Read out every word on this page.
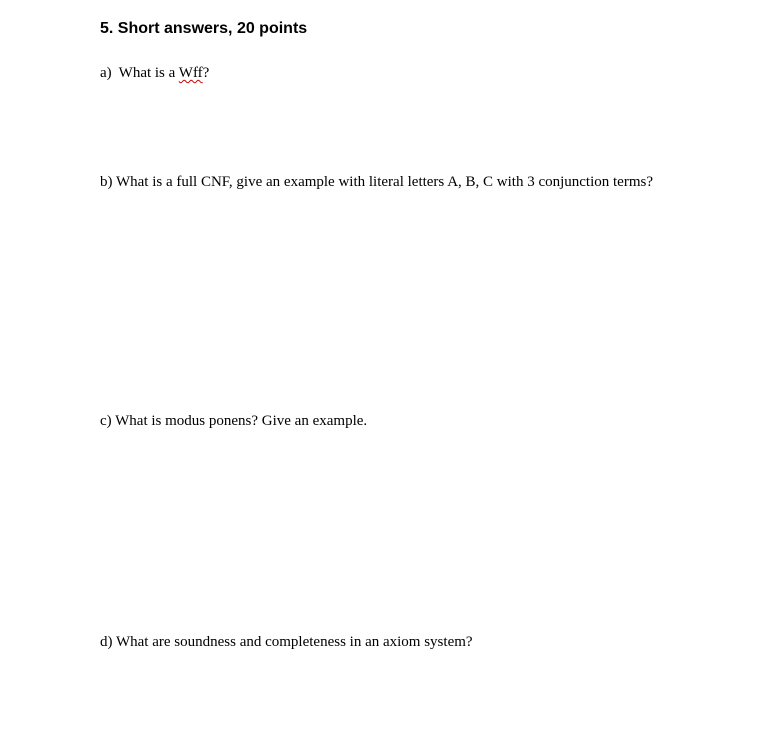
5. Short answers, 20 points
a) What is a Wff?
b) What is a full CNF, give an example with literal letters A, B, C with 3 conjunction terms?
c) What is modus ponens? Give an example.
d) What are soundness and completeness in an axiom system?
